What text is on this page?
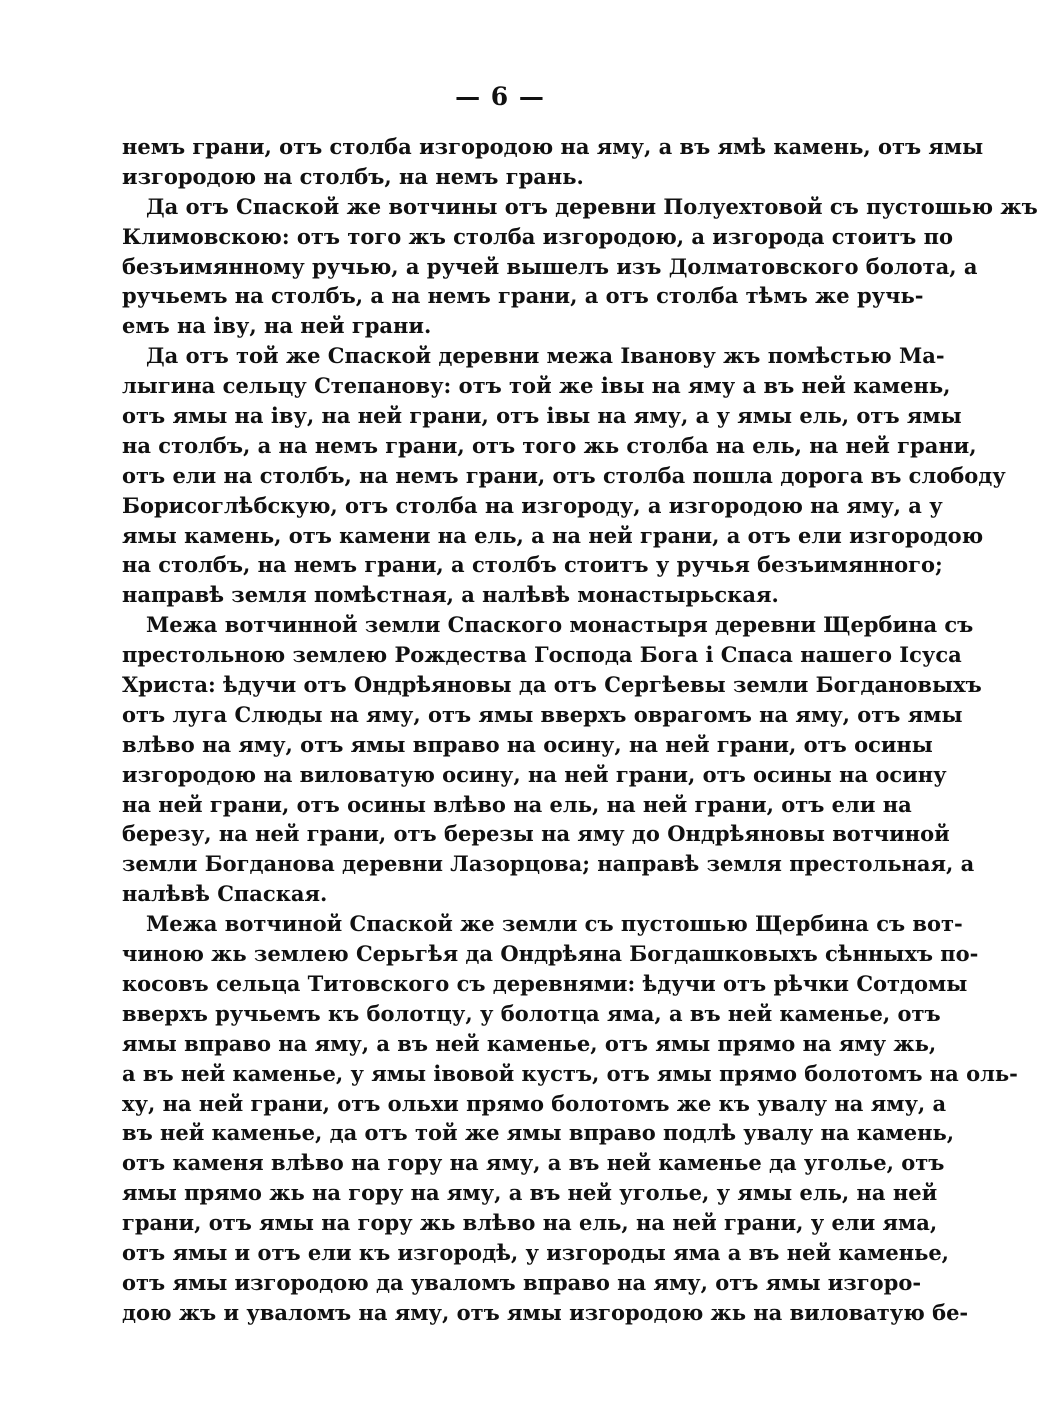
— 6 —
немъ грани, отъ столба изгородою на яму, а въ ямѣ камень, отъ ямы
изгородою на столбъ, на немъ грань.
Да отъ Спаской же вотчины отъ деревни Полуехтовой съ пустошью жъ
Климовскою: отъ того жъ столба изгородою, а изгорода стоитъ по
безъимянному ручью, а ручей вышелъ изъ Долматовского болота, а
ручьемъ на столбъ, а на немъ грани, а отъ столба тѣмъ же ручь-
емъ на іву, на ней грани.
Да отъ той же Спаской деревни межа Іванову жъ помѣстью Ма-
лыгина сельцу Степанову: отъ той же івы на яму а въ ней камень,
отъ ямы на іву, на ней грани, отъ івы на яму, а у ямы ель, отъ ямы
на столбъ, а на немъ грани, отъ того жь столба на ель, на ней грани,
отъ ели на столбъ, на немъ грани, отъ столба пошла дорога въ слободу
Борисоглѣбскую, отъ столба на изгороду, а изгородою на яму, а у
ямы камень, отъ камени на ель, а на ней грани, а отъ ели изгородою
на столбъ, на немъ грани, а столбъ стоитъ у ручья безъимянного;
направѣ земля помѣстная, а налѣвѣ монастырьская.
Межа вотчинной земли Спаского монастыря деревни Щербина съ
престольною землею Рождества Господа Бога і Спаса нашего Ісуса
Христа: ѣдучи отъ Ондрѣяновы да отъ Сергѣевы земли Богдановыхъ
отъ луга Слюды на яму, отъ ямы вверхъ оврагомъ на яму, отъ ямы
влѣво на яму, отъ ямы вправо на осину, на ней грани, отъ осины
изгородою на виловатую осину, на ней грани, отъ осины на осину
на ней грани, отъ осины влѣво на ель, на ней грани, отъ ели на
березу, на ней грани, отъ березы на яму до Ондрѣяновы вотчиной
земли Богданова деревни Лазорцова; направѣ земля престольная, а
налѣвѣ Спаская.
Межа вотчиной Спаской же земли съ пустошью Щербина съ вот-
чиною жь землею Серьгѣя да Ондрѣяна Богдашковыхъ сѣнныхъ по-
косовъ сельца Титовского съ деревнями: ѣдучи отъ рѣчки Сотдомы
вверхъ ручьемъ къ болотцу, у болотца яма, а въ ней каменье, отъ
ямы вправо на яму, а въ ней каменье, отъ ямы прямо на яму жь,
а въ ней каменье, у ямы івовой кустъ, отъ ямы прямо болотомъ на оль-
ху, на ней грани, отъ ольхи прямо болотомъ же къ увалу на яму, а
въ ней каменье, да отъ той же ямы вправо подлѣ увалу на камень,
отъ каменя влѣво на гору на яму, а въ ней каменье да уголье, отъ
ямы прямо жь на гору на яму, а въ ней уголье, у ямы ель, на ней
грани, отъ ямы на гору жь влѣво на ель, на ней грани, у ели яма,
отъ ямы и отъ ели къ изгородѣ, у изгороды яма а въ ней каменье,
отъ ямы изгородою да уваломъ вправо на яму, отъ ямы изгоро-
дою жъ и уваломъ на яму, отъ ямы изгородою жь на виловатую бе-
